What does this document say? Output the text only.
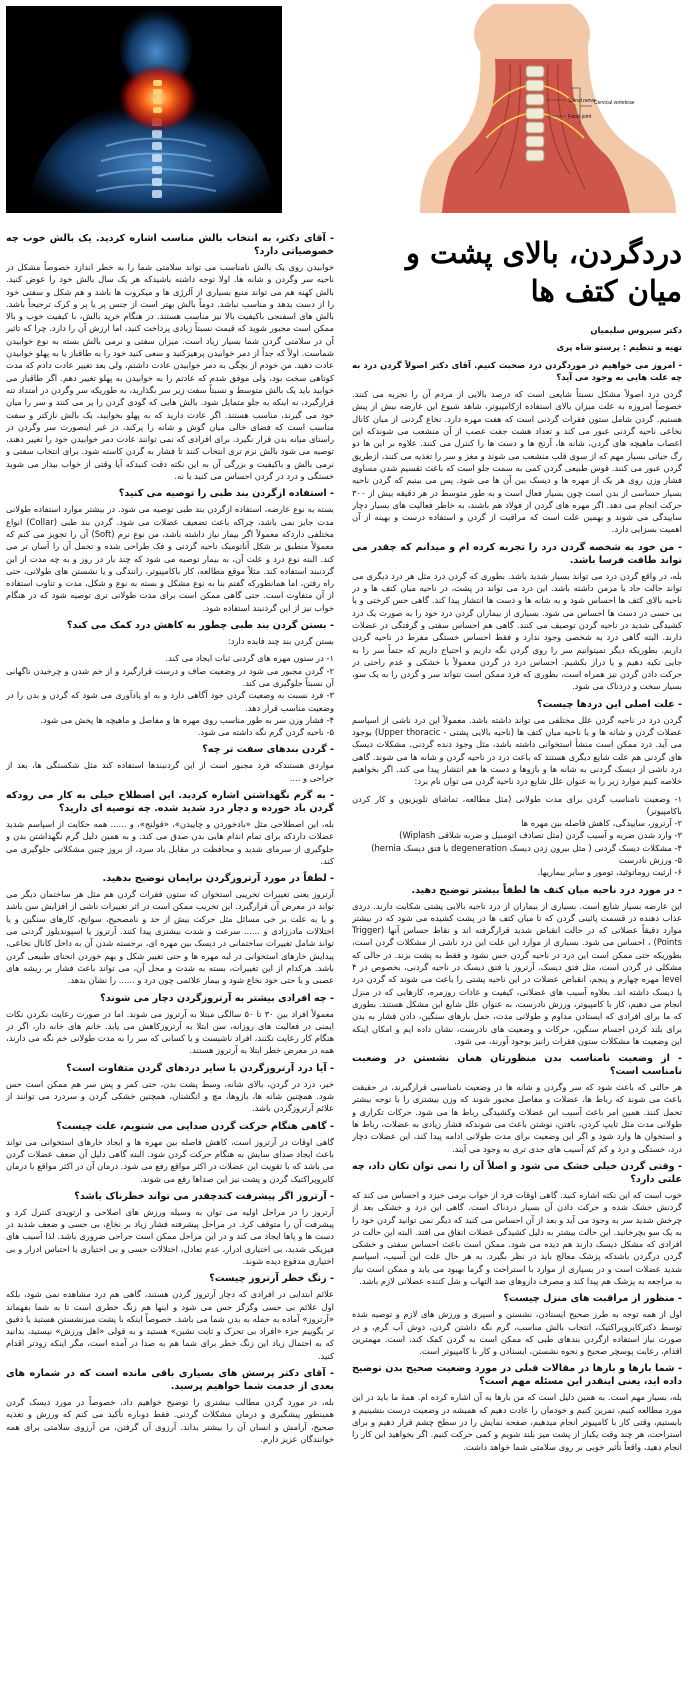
Spinal nerve
Facet joint
Cervical vertebrae
دردگردن، بالای پشت و میان کتف ها

دکتر سیروس سلیمیان

تهیه و تنظیم : پرستو شاه پری

- امروز می خواهیم در موردگردن درد صحبت کنیم. آقای دکتر اصولاً گردن درد به چه علت هایی به وجود می آید؟

گردن درد اصولاً مشکل نسبتاً شایعی است که درصد بالایی از مردم آن را تجربه می کنند. خصوصاً امروزه به علت میزان بالای استفاده ازکامپیوتر، شاهد شیوع این عارضه بیش از پیش هستیم. گردن شامل ستون فقرات گردنی است که هفت مهره دارد. نخاع گردنی از میان کانال نخاعی ناحیه گردنی عبور می کند و تعداد هشت جفت عصب از آن منشعب می شوندکه این اعصاب ماهیچه های گردن، شانه ها، آرنج ها و دست ها را کنترل می کنند. علاوه بر این ها دو رگ حیاتی بسیار مهم که از سوی قلب منشعب می شوند و مغز و سر را تغذیه می کنند، ازطریق گردن عبور می کنند. قوس طبیعی گردن کمی به سمت جلو است که باعث تقسیم شدن مساوی فشار وزن روی هر یک از مهره ها و دیسک بین آن ها می شود. پس می بینیم که گردن ناحیه بسیار حساسی از بدن است چون بسیار فعال است و به طور متوسط در هر دقیقه بیش از ۳۰۰ حرکت انجام می دهد. اگر مهره های گردن از فولاد هم باشند، به خاطر فعالیت های بسیار دچار ساییدگی می شوند و بهمین علت است که مراقبت از گردن و استفاده درست و بهینه از آن اهمیت بسزایی دارد.

- من خود به شخصه گردن درد را تجربه کرده ام و میدانم که چقدر می تواند طاقت فرسا باشد.

بله، در واقع گردن درد می تواند بسیار شدید باشد. بطوری که گردن درد مثل هر درد دیگری می تواند حالت حاد یا مزمن داشته باشد. این درد می تواند در پشت، در ناحیه میان کتف ها و در ناحیه بالای کتف ها احساس شود و به شانه ها و دست ها انتشار پیدا کند. گاهی حس کرختی و یا بی حسی در دست ها احساس می شود. بسیاری از بیماران گردن درد خود را به صورت یک درد کشیدگی شدید در ناحیه گردن توصیف می کنند. گاهی هم احساس سفتی و گرفتگی در عضلات دارند. البته گاهی درد به شخصی وجود ندارد و فقط احساس خستگی مفرط در ناحیه گردن داریم. بطوریکه دیگر نمیتوانیم سر را روی گردن نگه داریم و احتیاج داریم که حتماً سر را به جایی تکیه دهیم و یا دراز بکشیم. احساس درد در گردن معمولاً با خشکی و عدم راحتی در حرکت دادن گردن نیز همراه است، بطوری که فرد ممکن است نتواند سر و گردن را به یک سو، بسیار سخت و دردناک می شود.

- علت اصلی این دردها چیست؟

گردن درد در ناحیه گردن علل مختلفی می تواند داشته باشد. معمولاً این درد ناشی از اسپاسم عضلات گردن و شانه ها و یا ناحیه میان کتف ها (ناحیه بالایی پشتی - Upper thoracic) بوجود می آید. درد ممکن است منشأ استخوانی داشته باشد، مثل وجود دنده گردنی. مشکلات دیسک های گردنی هم علت شایع دیگری هستند که باعث درد در ناحیه گردن و شانه ها می شوند. گاهی درد ناشی از دیسک گردنی به شانه ها و بازوها و دست ها هم انتشار پیدا می کند. اگر بخواهیم خلاصه کنیم موارد زیر را به عنوان علل شایع درد ناحیه گردن می توان نام برد:

۱- وضعیت نامناسب گردن برای مدت طولانی (مثل مطالعه، تماشای تلویزیون و کار کردن باکامپیوتر)
۲- آرتروز، ساییدگی، کاهش فاصله بین مهره ها
۳- وارد شدن ضربه و آسیب گردن (مثل تصادف اتومبیل و ضربه شلاقی Wiplash)
۴- مشکلات دیسک گردنی ( مثل بیرون زدن دیسک degeneration یا فتق دیسک hernia)
۵- ورزش نادرست
۶- ارثیت روماتوئید، تومور و سایر بیماریها.
- در مورد درد ناحیه میان کتف ها لطفاً بیشتر توضیح دهید.

این عارضه بسیار شایع است. بسیاری از بیماران از درد ناحیه بالایی پشتی شکایت دارند. دردی عذاب دهنده در قسمت پائینی گردن که تا میان کتف ها در پشت کشیده می شود که در بیشتر موارد دقیقاً عضلاتی که در حالت انقباض شدید قرارگرفته اند و نقاط حساس آنها (Trigger Points) ، احساس می شود. بسیاری از موارد این علت این درد ناشی از مشکلات گردن است، بطوریکه حتی ممکن است این درد در ناحیه گردن حس نشود و فقط به پشت بزند. در حالی که مشکلی در گردن است، مثل فتق دیسک. آرتروز یا فتق دیسک در ناحیه گردنی، بخصوص در ۴ level مهره چهارم و پنجم، انقباض عضلات در این ناحیه پشتی را باعث می شوند که گردن درد یا دیسک داشته اند. بعلاوه آسیب های عضلانی، کیفیت و عادات روزمره، کارهایی که در منزل انجام می دهیم، کار با کامپیوتر، ورزش نادرست، به عنوان علل شایع این مشکل هستند. بطوری که ما برای افرادی که ایستادن مداوم و طولانی مدت، حمل بارهای سنگین، دادن فشار به بدن برای بلند کردن اجسام سنگین، حرکات و وضعیت های نادرست، نشان داده ایم و امکان اینکه این وضعیت ها مشکلات ستون فقرات رانیز بوجود آورند، می شود.

- از وضعیت نامناسب بدن منظورتان همان نشستن در وضعیت نامناسب است؟

هر حالتی که باعث شود که سر وگردن و شانه ها در وضعیت نامناسبی قرارگیرند، در حقیقت باعث می شوند که رباط ها، عضلات و مفاصل مجبور شوند که وزن بیشتری را با توجه بیشتر تحمل کنند. همین امر باعث آسیب این عضلات وکشیدگی رباط ها می شود. حرکات تکراری و طولانی مدت مثل تایپ کردن، بافتن، نوشتن باعث می شوندکه فشار زیادی به عضلات، رباط ها و استخوان ها وارد شود و اگر این وضعیت برای مدت طولانی ادامه پیدا کند، این عضلات دچار درد، خستگی و درد و کم کم آسیب های جدی تری به وجود می آیند.

- وقتی گردن خیلی خشک می شود و اصلاً آن را نمی توان تکان داد، چه علتی دارد؟

خوب است که این نکته اشاره کنید. گاهی اوقات فرد از خواب برمی خیزد و احساس می کند که گردنش خشک شده و حرکت دادن آن بسیار دردناک است. گاهی این درد و خشکی بعد از چرخش شدید سر به وجود می آید و بعد از آن احساس می کنید که دیگر نمی توانید گردن خود را به یک سو بچرخانید. این حالت بیشتر به دلیل کشیدگی عضلات اتفاق می افتد. البته این حالت در افرادی که مشکل دیسک دارند هم دیده می شود. ممکن است باعث احساس سفتی و خشکی گردن درگردن باشدکه پزشک معالج باید در نظر بگیرد. به هر حال علت این آسیب، اسپاسم شدید عضلات است و در بسیاری از موارد با استراحت و گرما بهبود می یابد و ممکن است نیاز به مراجعه به پزشک هم پیدا کند و مصرف داروهای ضد التهاب و شل کننده عضلانی لازم باشد.

- منظور از مراقبت های منزل چیست؟

اول از همه توجه به طرز صحیح ایستادن، نشستن و اسپری و ورزش های لازم و توصیه شده توسط دکترکایروپراکتیک، انتخاب بالش مناسب، گرم نگه داشتن گردن، دوش آب گرم، و در صورت نیاز استفاده ازگردن بندهای طبی که ممکن است به گردن کمک کند، است. مهمترین اقدام، رعایت پوسچر صحیح و نحوه نشستن، ایستادن و کار با کامپیوتر است.

- شما بارها و بارها در مقالات قبلی در مورد وضعیت صحیح بدن توضیح داده اید، یعنی اینقدر این مسئله مهم است؟

بله، بسیار مهم است. به همین دلیل است که من بارها به آن اشاره کرده ام. همهٔ ما باید در این مورد مطالعه کنیم، تمرین کنیم و خودمان را عادت دهیم که همیشه در وضعیت درست بنشینیم و بایستیم، وقتی کار با کامپیوتر انجام میدهیم، صفحه نمایش را در سطح چشم قرار دهیم و برای استراحت، هر چند وقت یکبار از پشت میز بلند شویم و کمی حرکت کنیم. اگر بخواهید این کار را انجام دهید، واقعاً تأثیر خوبی بر روی سلامتی شما خواهد داشت.

- آقای دکتر، به انتخاب بالش مناسب اشاره کردید. یک بالش خوب چه خصوصیاتی دارد؟

خوابیدن روی یک بالش نامناسب می تواند سلامتی شما را به خطر اندازد خصوصاً مشکل در ناحیه سر وگردن و شانه ها. اولا توجه داشته باشیدکه هر یک سال بالش خود را عوض کنید. بالش کهنه هم می تواند منبع بسیاری از آلرژی ها و میکروب ها باشد و هم شکل و سفتی خود را از دست بدهد و مناسب نباشد. دوماً بالش بهتر است از جنس پر یا پر و کرک ترجیحاً باشد. بالش های اسفنجی باکیفیت بالا نیز مناسب هستند. در هنگام خرید بالش، با کیفیت خوب و بالا ممکن است مجبور شوید که قیمت نسبتاً زیادی پرداخت کنید، اما ارزش آن را دارد. چرا که تاثیر آن در سلامتی گردن شما بسیار زیاد است. میزان سفتی و نرمی بالش بسته به نوع خوابیدن شماست. اولاً که جداً از دمر خوابیدن پرهیزکنید و سعی کنید خود را به طاقباز یا به پهلو خوابیدن عادت دهید. من خودم از بچگی به دمر خوابیدن عادت داشتم، ولی بعد تغییر عادت دادم که مدت کوتاهی سخت بود، ولی موفق شدم که عادتم را به خوابیدن به پهلو تغییر دهم. اگر طاقباز می خوابید باید یک بالش متوسط و نسبتاً سفت زیر سر بگذارید، به طوریکه سر وگردن در امتداد تنه قرارگیرد، نه اینکه به جلو متمایل شود. بالش هایی که گودی گردن را پر می کنند و سر را میان خود می گیرند، مناسب هستند. اگر عادت دارید که به پهلو بخوابید، یک بالش نازکتر و سفت مناسب است که فضای خالی میان گوش و شانه را پرکند، در غیر اینصورت سر وگردن در راستای میانه بدن قرار نگیرد. برای افرادی که نمی توانند عادت دمر خوابیدن خود را تغییر دهند، توصیه می شود بالش نرم تری انتخاب کنند تا فشار به گردن کاسته شود. برای انتخاب سفتی و نرمی بالش و باکیفیت و بزرگی آن به این نکته دقت کنیدکه آیا وقتی از خواب بیدار می شوید خستگی و درد در گردن احساس می کنید یا نه.

- استفاده ازگردن بند طبی را توصیه می کنید؟

بسته به نوع عارضه، استفاده ازگردن بند طبی توصیه می شود. در بیشتر موارد استفاده طولانی مدت جایز نمی باشد، چراکه باعث تضعیف عضلات می شود. گردن بند طبی (Collar) انواع مختلفی داردکه معمولاً اگر بیمار نیاز داشته باشد، من نوع نرم (Soft) آن را تجویز می کنم که معمولاً منطبق بر شکل آناتومیک ناحیه گردنی و فک طراحی شده و تحمل آن را آسان تر می کند. البته نوع درد و علت آن، به بیمار توصیه می شود که چند بار در روز و به چه مدت از این گردنبند استفاده کند. مثلاً موقع مطالعه، کار باکامپیوتر، رانندگی و یا نشستن های طولانی، حتی راه رفتن، اما همانطورکه گفتم بنا به نوع مشکل و بسته به نوع و شکل، مدت و تناوب استفاده از آن متفاوت است. حتی گاهی ممکن است برای مدت طولانی تری توصیه شود که در هنگام خواب نیز از این گردنبند استفاده شود.

- بستن گردن بند طبی چطور به کاهش درد کمک می کند؟

بستن گردن بند چند فایده دارد:

۱- در ستون مهره های گردنی ثبات ایجاد می کند.
۲- گردن مجبور می شود در وضعیت صاف و درست قرارگیرد و از خم شدن و چرخیدن ناگهانی آن نسبتاً جلوگیری می کند.
۳- فرد نسبت به وضعیت گردن خود آگاهی دارد و به او یادآوری می شود که گردن و بدن را در وضعیت مناسب قرار دهد.
۴- فشار وزن سر به طور مناسب روی مهره ها و مفاصل و ماهیچه ها پخش می شود.
۵- ناحیه گردن گرم نگه داشته می شود.
- گردن بندهای سفت تر چه؟

مواردی هستندکه فرد مجبور است از این گردنبندها استفاده کند مثل شکستگی ها، بعد از جراحی و ....

- به گرم نگهداشتن اشاره کردید. این اصطلاح خیلی به کار می رودکه گردن باد خورده و دچار درد شدید شده. چه توصیه ای دارید؟

بله، این اصطلاحی مثل «بادخوردن و چاییدن»، «قولنج»، و ...... همه حکایت از اسپاسم شدید عضلات داردکه برای تمام اندام هایی بدن صدق می کند. و به همین دلیل گرم نگهداشتن بدن و جلوگیری از سرمای شدید و محافظت در مقابل باد سرد، از بروز چنین مشکلاتی جلوگیری می کند.

- لطفاً در مورد آرتروزگردن برایمان توضیح بدهید.

آرتروز یعنی تغییرات تخریبی استخوان که ستون فقرات گردن هم مثل هر ساختمان دیگر می تواند در معرض آن قرارگیرد. این تخریب ممکن است در اثر تغییرات ناشی از افزایش سن باشد و یا به علت بر خی مسائل مثل حرکت بیش از حد و نامصحیح، سوانح، کارهای سنگین و یا اختلالات مادرزادی و ...... سرعت و شدت بیشتری پیدا کنند. آرتروز یا اسپوندیلوز گردنی می تواند شامل تغییرات ساختمانی در دیسک بین مهره ای، برجسته شدن آن به داخل کانال نخاعی، پیدایش خارهای استخوانی در لبه مهره ها و حتی تغییر شکل و بهم خوردن انحنای طبیعی گردن باشد. هرکدام از این تغییرات، بسته به شدت و محل آن، می تواند باعث فشار بر ریشه های عصبی و یا حتی خود نخاع شود و بیمار علائمی چون درد و ...... را نشان بدهد.

- چه افرادی بیشتر به آرتروزگردن دچار می شوند؟

معمولاً افراد بین ۳۰ تا ۵۰ سالگی مبتلا به آرتروز می شوند. اما در صورت رعایت نکردن نکات ایمنی در فعالیت های روزانه، سن ابتلا به آرتروزکاهش می یابد. خانم های خانه دار، اگر در هنگام کار رعایت نکنند، افراد ناشیست و یا کسانی که سر را به مدت طولانی خم نگه می دارند، همه در معرض خطر ابتلا به آرتروز هستند.

- آیا درد آرتروزگردن با سایر دردهای گردن متفاوت است؟

خیر، درد در گردن، بالای شانه، وسط پشت بدن، حتی کمر و پس سر هم ممکن است حس شود. همچنین شانه ها، بازوها، مچ و انگشتان، همچنین خشکی گردن و سردرد می توانند از علائم آرتروزگردن باشد.

- گاهی هنگام حرکت گردن صدایی می شنویم، علت چیست؟

گاهی اوقات در آرتروز است، کاهش فاصله بین مهره ها و ایجاد خارهای استخوانی می تواند باعث ایجاد صدای سایش به هنگام حرکت گردن شود. البته گاهی دلیل آن ضعف عضلات گردن می باشد که با تقویت این عضلات در اکثر مواقع رفع می شود. درمان آن در اکثر مواقع با درمان کایروپراکتیک گردن و پشت نیز این صداها رفع می شوند.

- آرتروز اگر پیشرفت کندچقدر می تواند خطرناک باشد؟

آرتروز را در مراحل اولیه می توان به وسیله ورزش های اصلاحی و ارتوپدی کنترل کرد و پیشرفت آن را متوقف کرد. در مراحل پیشرفته فشار زیاد بر نخاع، بی حسی و ضعف شدید در دست ها و پاها ایجاد می کند و در این مراحل ممکن است جراحی ضروری باشد. لذا آسیب های فیزیکی شدید، بی اختیاری ادرار، عدم تعادل، اختلالات حسی و بی اختیاری یا احتباس ادرار و بی اختیاری مدفوع دیده شوند.

- زنگ خطر آرتروز چیست؟

علائم ابتدایی در افرادی که دچار آرتروز گردن هستند، گاهی هم درد مشاهده نمی شود، بلکه اول علائم بی حسی وگزگز حس می شود و اینها هم زنگ خطری است تا به شما بفهماند «آرتروز» آماده به حمله به بدن شما می باشد. خصوصاً اینکه با پشت میزنشستن هستید یا دقیق تر بگوییم جزء «افراد بی تحرک و ثابت نشین» هستید و به قولی «اهل ورزش» نیستید، بدانید که به احتمال زیاد این زنگ خطر برای شما هم به صدا در آمده است، مگر اینکه زودتر اقدام کنید.

- آقای دکتر پرسش های بسیاری باقی مانده است که در شماره های بعدی از خدمت شما خواهیم پرسید.

بله، در مورد گردن مطالب بیشتری را توضیح خواهیم داد، خصوصاً در مورد دیسک گردن همینطور پیشگیری و درمان مشکلات گردنی. فقط دوباره تأکید می کنم که ورزش و تغذیه صحیح، آرامش و انسان آن را بیشتر بداند. آرزوی آن گرفتن، من آرزوی سلامتی برای همه خوانندگان عزیز دارم.
